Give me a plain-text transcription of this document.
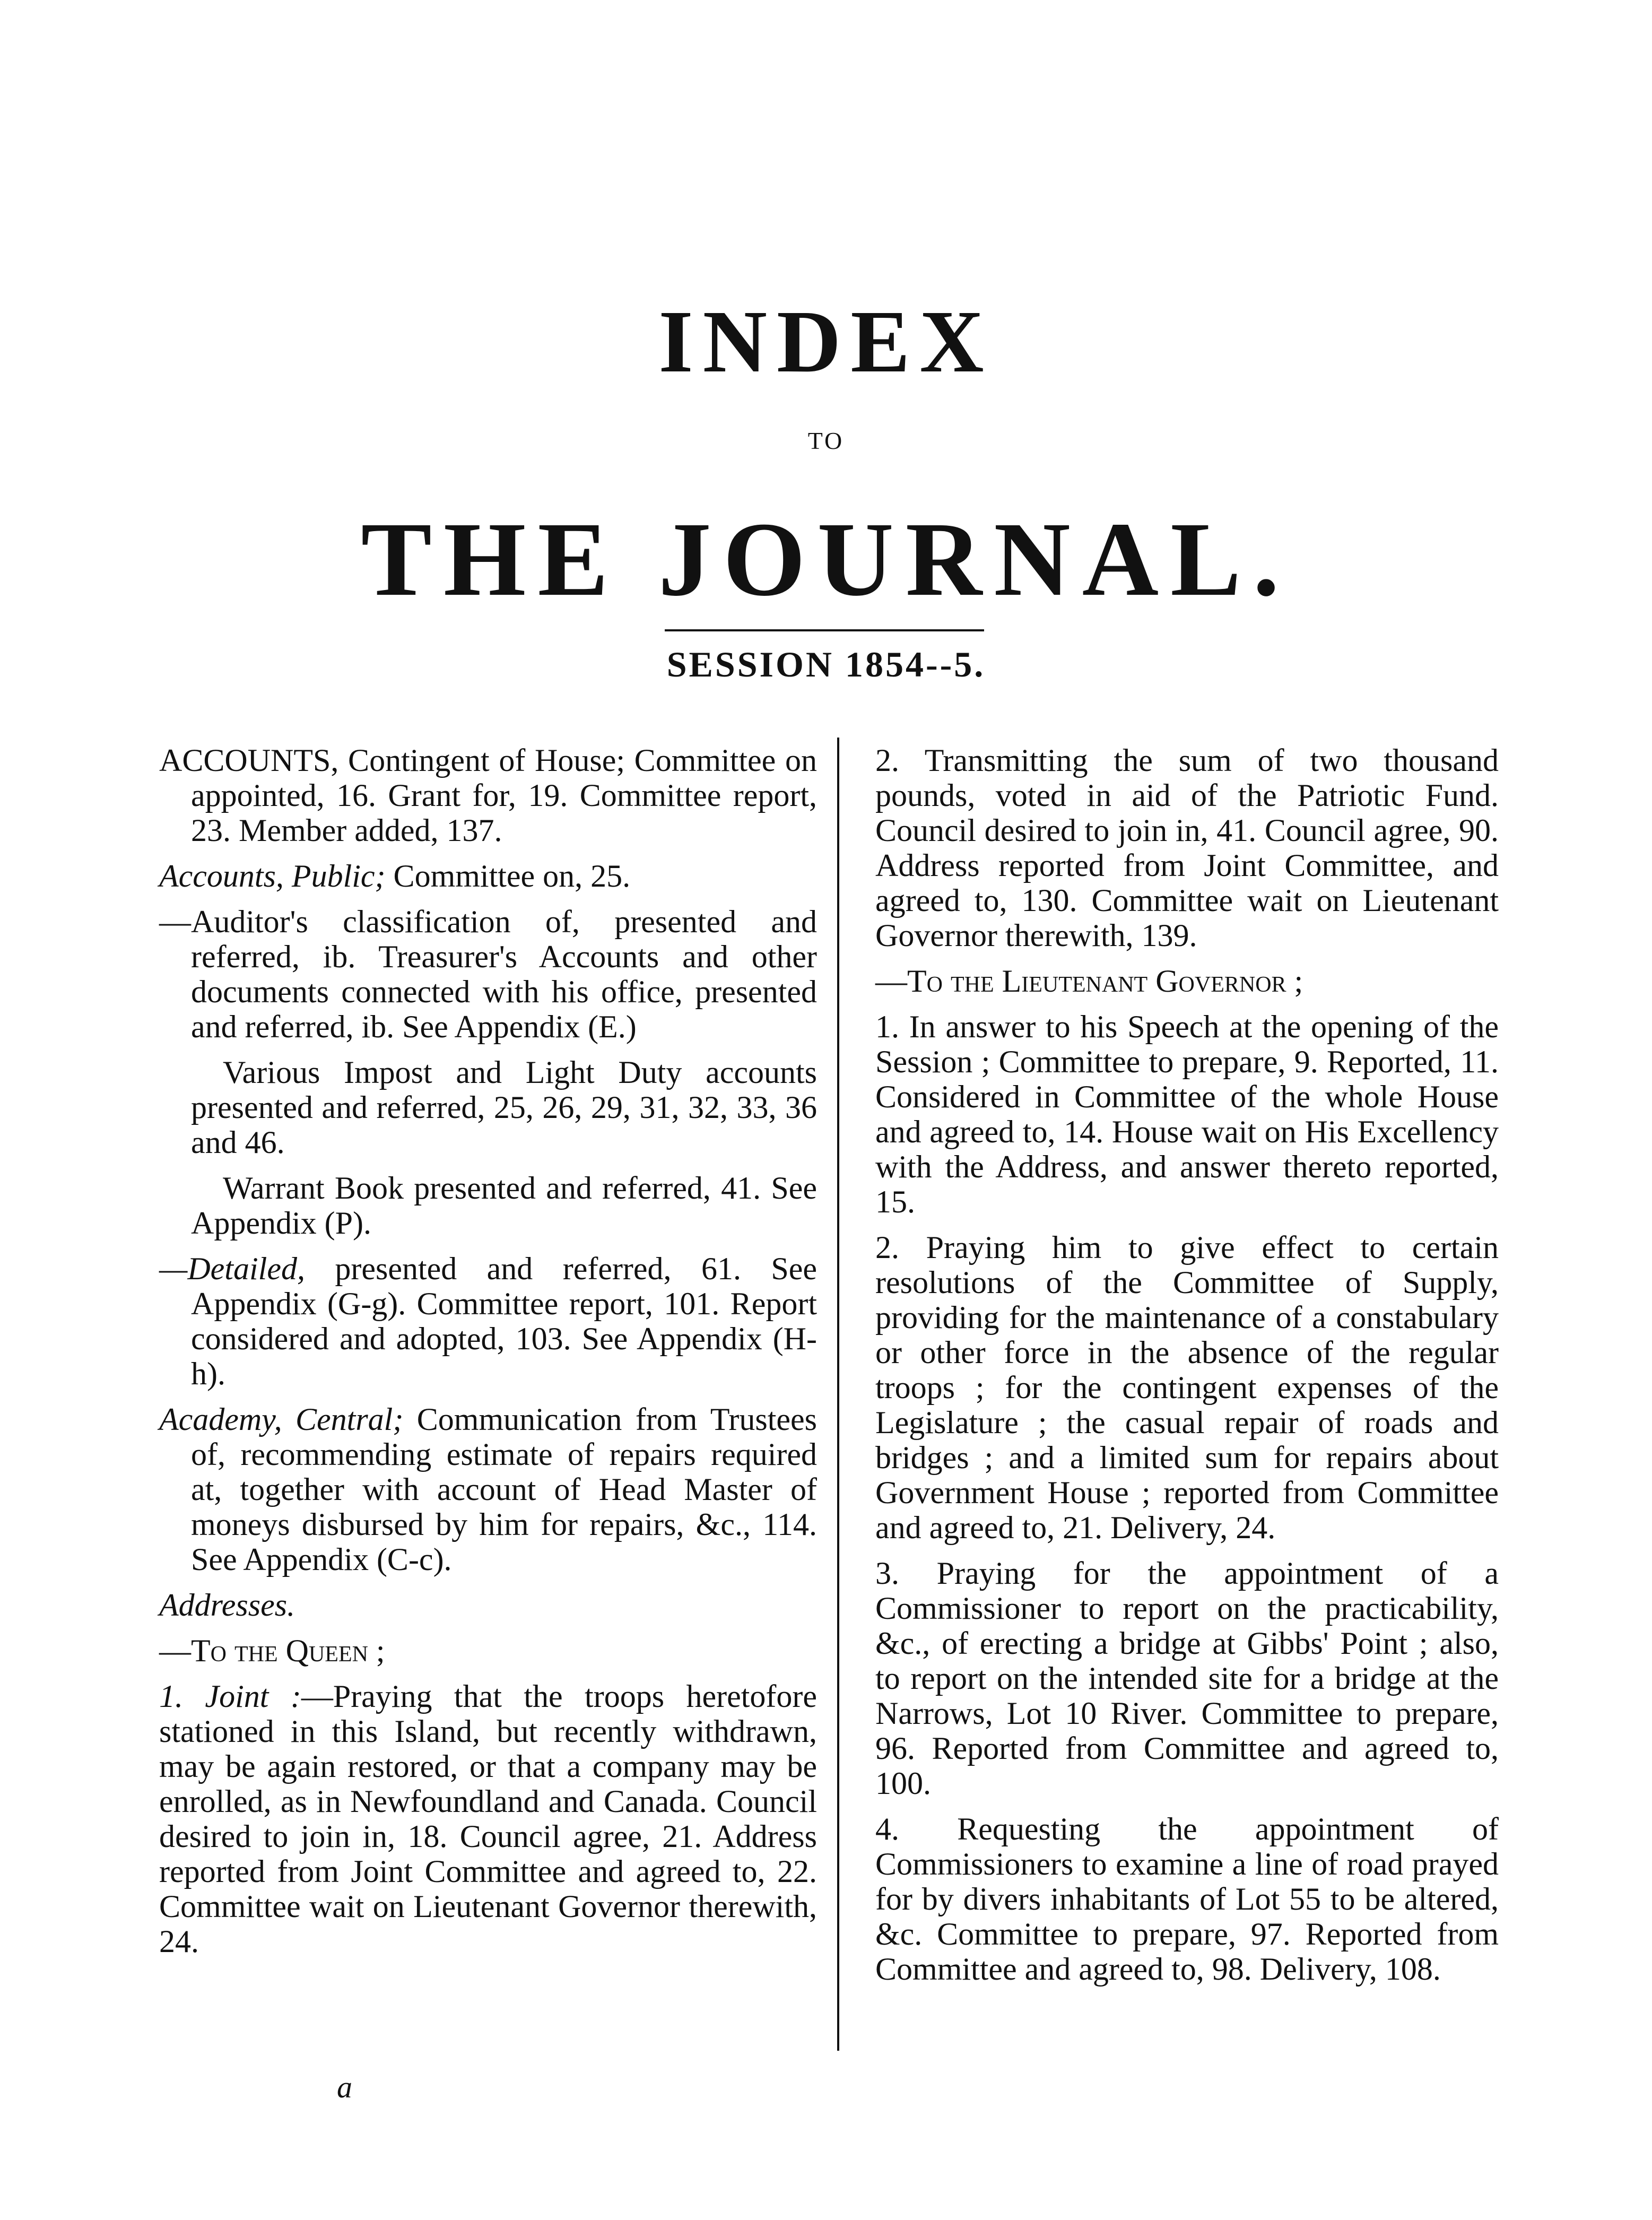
INDEX
TO
THE JOURNAL.
SESSION 1854--5.

ACCOUNTS, Contingent of House; Committee on appointed, 16. Grant for, 19. Committee report, 23. Member added, 137.

Accounts, Public; Committee on, 25.

—Auditor's classification of, presented and referred, ib. Treasurer's Accounts and other documents connected with his office, presented and referred, ib. See Appendix (E.)

Various Impost and Light Duty accounts presented and referred, 25, 26, 29, 31, 32, 33, 36 and 46.

Warrant Book presented and referred, 41. See Appendix (P).

—Detailed, presented and referred, 61. See Appendix (G-g). Committee report, 101. Report considered and adopted, 103. See Appendix (H-h).

Academy, Central; Communication from Trustees of, recommending estimate of repairs required at, together with account of Head Master of moneys disbursed by him for repairs, &c., 114. See Appendix (C-c).

Addresses.

—To the Queen ;

1. Joint :—Praying that the troops heretofore stationed in this Island, but recently withdrawn, may be again restored, or that a company may be enrolled, as in Newfoundland and Canada. Council desired to join in, 18. Council agree, 21. Address reported from Joint Committee and agreed to, 22. Committee wait on Lieutenant Governor therewith, 24.

2. Transmitting the sum of two thousand pounds, voted in aid of the Patriotic Fund. Council desired to join in, 41. Council agree, 90. Address reported from Joint Committee, and agreed to, 130. Committee wait on Lieutenant Governor therewith, 139.

—To the Lieutenant Governor ;

1. In answer to his Speech at the opening of the Session ; Committee to prepare, 9. Reported, 11. Considered in Committee of the whole House and agreed to, 14. House wait on His Excellency with the Address, and answer thereto reported, 15.

2. Praying him to give effect to certain resolutions of the Committee of Supply, providing for the maintenance of a constabulary or other force in the absence of the regular troops ; for the contingent expenses of the Legislature ; the casual repair of roads and bridges ; and a limited sum for repairs about Government House ; reported from Committee and agreed to, 21. Delivery, 24.

3. Praying for the appointment of a Commissioner to report on the practicability, &c., of erecting a bridge at Gibbs' Point ; also, to report on the intended site for a bridge at the Narrows, Lot 10 River. Committee to prepare, 96. Reported from Committee and agreed to, 100.

4. Requesting the appointment of Commissioners to examine a line of road prayed for by divers inhabitants of Lot 55 to be altered, &c. Committee to prepare, 97. Reported from Committee and agreed to, 98. Delivery, 108.

a
